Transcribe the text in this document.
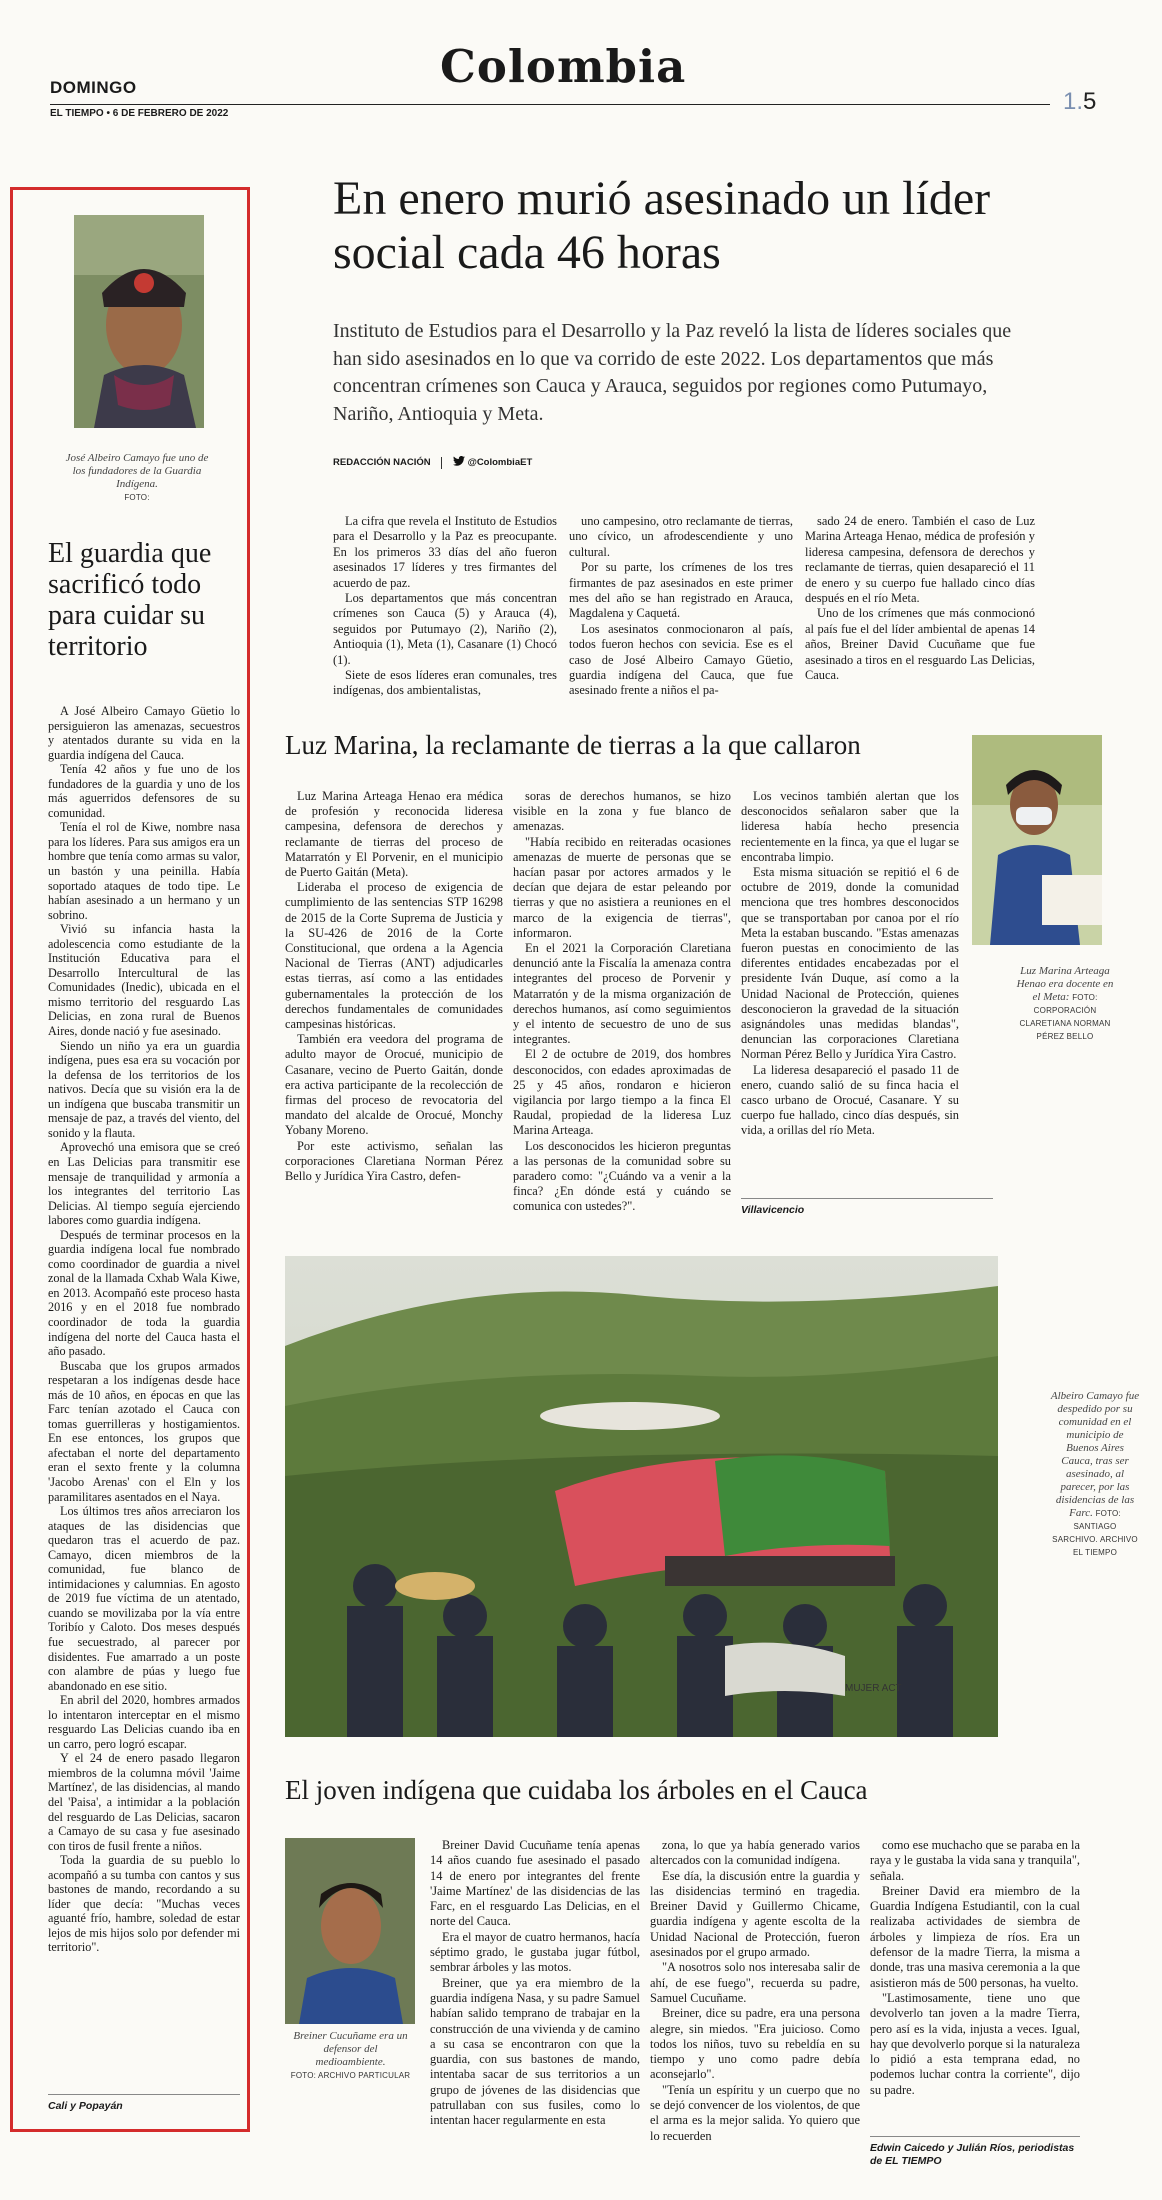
DOMINGO
EL TIEMPO • 6 DE FEBRERO DE 2022
Colombia
1.5
José Albeiro Camayo fue uno de los fundadores de la Guardia Indígena.
FOTO:
El guardia que sacrificó todo para cuidar su territorio

A José Albeiro Camayo Güetio lo persiguieron las amenazas, secuestros y atentados durante su vida en la guardia indígena del Cauca.

Tenía 42 años y fue uno de los fundadores de la guardia y uno de los más aguerridos defensores de su comunidad.

Tenía el rol de Kiwe, nombre nasa para los líderes. Para sus amigos era un hombre que tenía como armas su valor, un bastón y una peinilla. Había soportado ataques de todo tipe. Le habían asesinado a un hermano y un sobrino.

Vivió su infancia hasta la adolescencia como estudiante de la Institución Educativa para el Desarrollo Intercultural de las Comunidades (Inedic), ubicada en el mismo territorio del resguardo Las Delicias, en zona rural de Buenos Aires, donde nació y fue asesinado.

Siendo un niño ya era un guardia indígena, pues esa era su vocación por la defensa de los territorios de los nativos. Decía que su visión era la de un indígena que buscaba transmitir un mensaje de paz, a través del viento, del sonido y la flauta.

Aprovechó una emisora que se creó en Las Delicias para transmitir ese mensaje de tranquilidad y armonía a los integrantes del territorio Las Delicias. Al tiempo seguía ejerciendo labores como guardia indígena.

Después de terminar procesos en la guardia indígena local fue nombrado como coordinador de guardia a nivel zonal de la llamada Cxhab Wala Kiwe, en 2013. Acompañó este proceso hasta 2016 y en el 2018 fue nombrado coordinador de toda la guardia indígena del norte del Cauca hasta el año pasado.

Buscaba que los grupos armados respetaran a los indígenas desde hace más de 10 años, en épocas en que las Farc tenían azotado el Cauca con tomas guerrilleras y hostigamientos. En ese entonces, los grupos que afectaban el norte del departamento eran el sexto frente y la columna 'Jacobo Arenas' con el Eln y los paramilitares asentados en el Naya.

Los últimos tres años arreciaron los ataques de las disidencias que quedaron tras el acuerdo de paz. Camayo, dicen miembros de la comunidad, fue blanco de intimidaciones y calumnias. En agosto de 2019 fue víctima de un atentado, cuando se movilizaba por la vía entre Toribío y Caloto. Dos meses después fue secuestrado, al parecer por disidentes. Fue amarrado a un poste con alambre de púas y luego fue abandonado en ese sitio.

En abril del 2020, hombres armados lo intentaron interceptar en el mismo resguardo Las Delicias cuando iba en un carro, pero logró escapar.

Y el 24 de enero pasado llegaron miembros de la columna móvil 'Jaime Martínez', de las disidencias, al mando del 'Paisa', a intimidar a la población del resguardo de Las Delicias, sacaron a Camayo de su casa y fue asesinado con tiros de fusil frente a niños.

Toda la guardia de su pueblo lo acompañó a su tumba con cantos y sus bastones de mando, recordando a su líder que decía: "Muchas veces aguanté frío, hambre, soledad de estar lejos de mis hijos solo por defender mi territorio".

Cali y Popayán
En enero murió asesinado un líder social cada 46 horas
Instituto de Estudios para el Desarrollo y la Paz reveló la lista de líderes sociales que han sido asesinados en lo que va corrido de este 2022. Los departamentos que más concentran crímenes son Cauca y Arauca, seguidos por regiones como Putumayo, Nariño, Antioquia y Meta.
REDACCIÓN NACIÓN	@ColombiaET

La cifra que revela el Instituto de Estudios para el Desarrollo y la Paz es preocupante. En los primeros 33 días del año fueron asesinados 17 líderes y tres firmantes del acuerdo de paz.

Los departamentos que más concentran crímenes son Cauca (5) y Arauca (4), seguidos por Putumayo (2), Nariño (2), Antioquia (1), Meta (1), Casanare (1) Chocó (1).

Siete de esos líderes eran comunales, tres indígenas, dos ambientalistas,

uno campesino, otro reclamante de tierras, uno cívico, un afrodescendiente y uno cultural.

Por su parte, los crímenes de los tres firmantes de paz asesinados en este primer mes del año se han registrado en Arauca, Magdalena y Caquetá.

Los asesinatos conmocionaron al país, todos fueron hechos con sevicia. Ese es el caso de José Albeiro Camayo Güetio, guardia indígena del Cauca, que fue asesinado frente a niños el pa-

sado 24 de enero. También el caso de Luz Marina Arteaga Henao, médica de profesión y lideresa campesina, defensora de derechos y reclamante de tierras, quien desapareció el 11 de enero y su cuerpo fue hallado cinco días después en el río Meta.

Uno de los crímenes que más conmocionó al país fue el del líder ambiental de apenas 14 años, Breiner David Cucuñame que fue asesinado a tiros en el resguardo Las Delicias, Cauca.

Luz Marina, la reclamante de tierras a la que callaron

Luz Marina Arteaga Henao era médica de profesión y reconocida lideresa campesina, defensora de derechos y reclamante de tierras del proceso de Matarratón y El Porvenir, en el municipio de Puerto Gaitán (Meta).

Lideraba el proceso de exigencia de cumplimiento de las sentencias STP 16298 de 2015 de la Corte Suprema de Justicia y la SU-426 de 2016 de la Corte Constitucional, que ordena a la Agencia Nacional de Tierras (ANT) adjudicarles estas tierras, así como a las entidades gubernamentales la protección de los derechos fundamentales de comunidades campesinas históricas.

También era veedora del programa de adulto mayor de Orocué, municipio de Casanare, vecino de Puerto Gaitán, donde era activa participante de la recolección de firmas del proceso de revocatoria del mandato del alcalde de Orocué, Monchy Yobany Moreno.

Por este activismo, señalan las corporaciones Claretiana Norman Pérez Bello y Jurídica Yira Castro, defen-

soras de derechos humanos, se hizo visible en la zona y fue blanco de amenazas.

"Había recibido en reiteradas ocasiones amenazas de muerte de personas que se hacían pasar por actores armados y le decían que dejara de estar peleando por tierras y que no asistiera a reuniones en el marco de la exigencia de tierras", informaron.

En el 2021 la Corporación Claretiana denunció ante la Fiscalía la amenaza contra integrantes del proceso de Porvenir y Matarratón y de la misma organización de derechos humanos, así como seguimientos y el intento de secuestro de uno de sus integrantes.

El 2 de octubre de 2019, dos hombres desconocidos, con edades aproximadas de 25 y 45 años, rondaron e hicieron vigilancia por largo tiempo a la finca El Raudal, propiedad de la lideresa Luz Marina Arteaga.

Los desconocidos les hicieron preguntas a las personas de la comunidad sobre su paradero como: "¿Cuándo va a venir a la finca? ¿En dónde está y cuándo se comunica con ustedes?".

Los vecinos también alertan que los desconocidos señalaron saber que la lideresa había hecho presencia recientemente en la finca, ya que el lugar se encontraba limpio.

Esta misma situación se repitió el 6 de octubre de 2019, donde la comunidad menciona que tres hombres desconocidos que se transportaban por canoa por el río Meta la estaban buscando. "Estas amenazas fueron puestas en conocimiento de las diferentes entidades encabezadas por el presidente Iván Duque, así como a la Unidad Nacional de Protección, quienes desconocieron la gravedad de la situación asignándoles unas medidas blandas", denuncian las corporaciones Claretiana Norman Pérez Bello y Jurídica Yira Castro.

La lideresa desapareció el pasado 11 de enero, cuando salió de su finca hacia el casco urbano de Orocué, Casanare. Y su cuerpo fue hallado, cinco días después, sin vida, a orillas del río Meta.

Villavicencio
Luz Marina Arteaga Henao era docente en el Meta: FOTO: CORPORACIÓN CLARETIANA NORMAN PÉREZ BELLO
MUJER ACT
Albeiro Camayo fue despedido por su comunidad en el municipio de Buenos Aires Cauca, tras ser asesinado, al parecer, por las disidencias de las Farc. FOTO: SANTIAGO SARCHIVO. ARCHIVO EL TIEMPO
El joven indígena que cuidaba los árboles en el Cauca
Breiner Cucuñame era un defensor del medioambiente.
FOTO: ARCHIVO PARTICULAR

Breiner David Cucuñame tenía apenas 14 años cuando fue asesinado el pasado 14 de enero por integrantes del frente 'Jaime Martínez' de las disidencias de las Farc, en el resguardo Las Delicias, en el norte del Cauca.

Era el mayor de cuatro hermanos, hacía séptimo grado, le gustaba jugar fútbol, sembrar árboles y las motos.

Breiner, que ya era miembro de la guardia indígena Nasa, y su padre Samuel habían salido temprano de trabajar en la construcción de una vivienda y de camino a su casa se encontraron con que la guardia, con sus bastones de mando, intentaba sacar de sus territorios a un grupo de jóvenes de las disidencias que patrullaban con sus fusiles, como lo intentan hacer regularmente en esta

zona, lo que ya había generado varios altercados con la comunidad indígena.

Ese día, la discusión entre la guardia y las disidencias terminó en tragedia. Breiner David y Guillermo Chicame, guardia indígena y agente escolta de la Unidad Nacional de Protección, fueron asesinados por el grupo armado.

"A nosotros solo nos interesaba salir de ahí, de ese fuego", recuerda su padre, Samuel Cucuñame.

Breiner, dice su padre, era una persona alegre, sin miedos. "Era juicioso. Como todos los niños, tuvo su rebeldía en su tiempo y uno como padre debía aconsejarlo".

"Tenía un espíritu y un cuerpo que no se dejó convencer de los violentos, de que el arma es la mejor salida. Yo quiero que lo recuerden

como ese muchacho que se paraba en la raya y le gustaba la vida sana y tranquila", señala.

Breiner David era miembro de la Guardia Indígena Estudiantil, con la cual realizaba actividades de siembra de árboles y limpieza de ríos. Era un defensor de la madre Tierra, la misma a donde, tras una masiva ceremonia a la que asistieron más de 500 personas, ha vuelto.

"Lastimosamente, tiene uno que devolverlo tan joven a la madre Tierra, pero así es la vida, injusta a veces. Igual, hay que devolverlo porque si la naturaleza lo pidió a esta temprana edad, no podemos luchar contra la corriente", dijo su padre.

Edwin Caicedo y Julián Ríos, periodistas de EL TIEMPO
